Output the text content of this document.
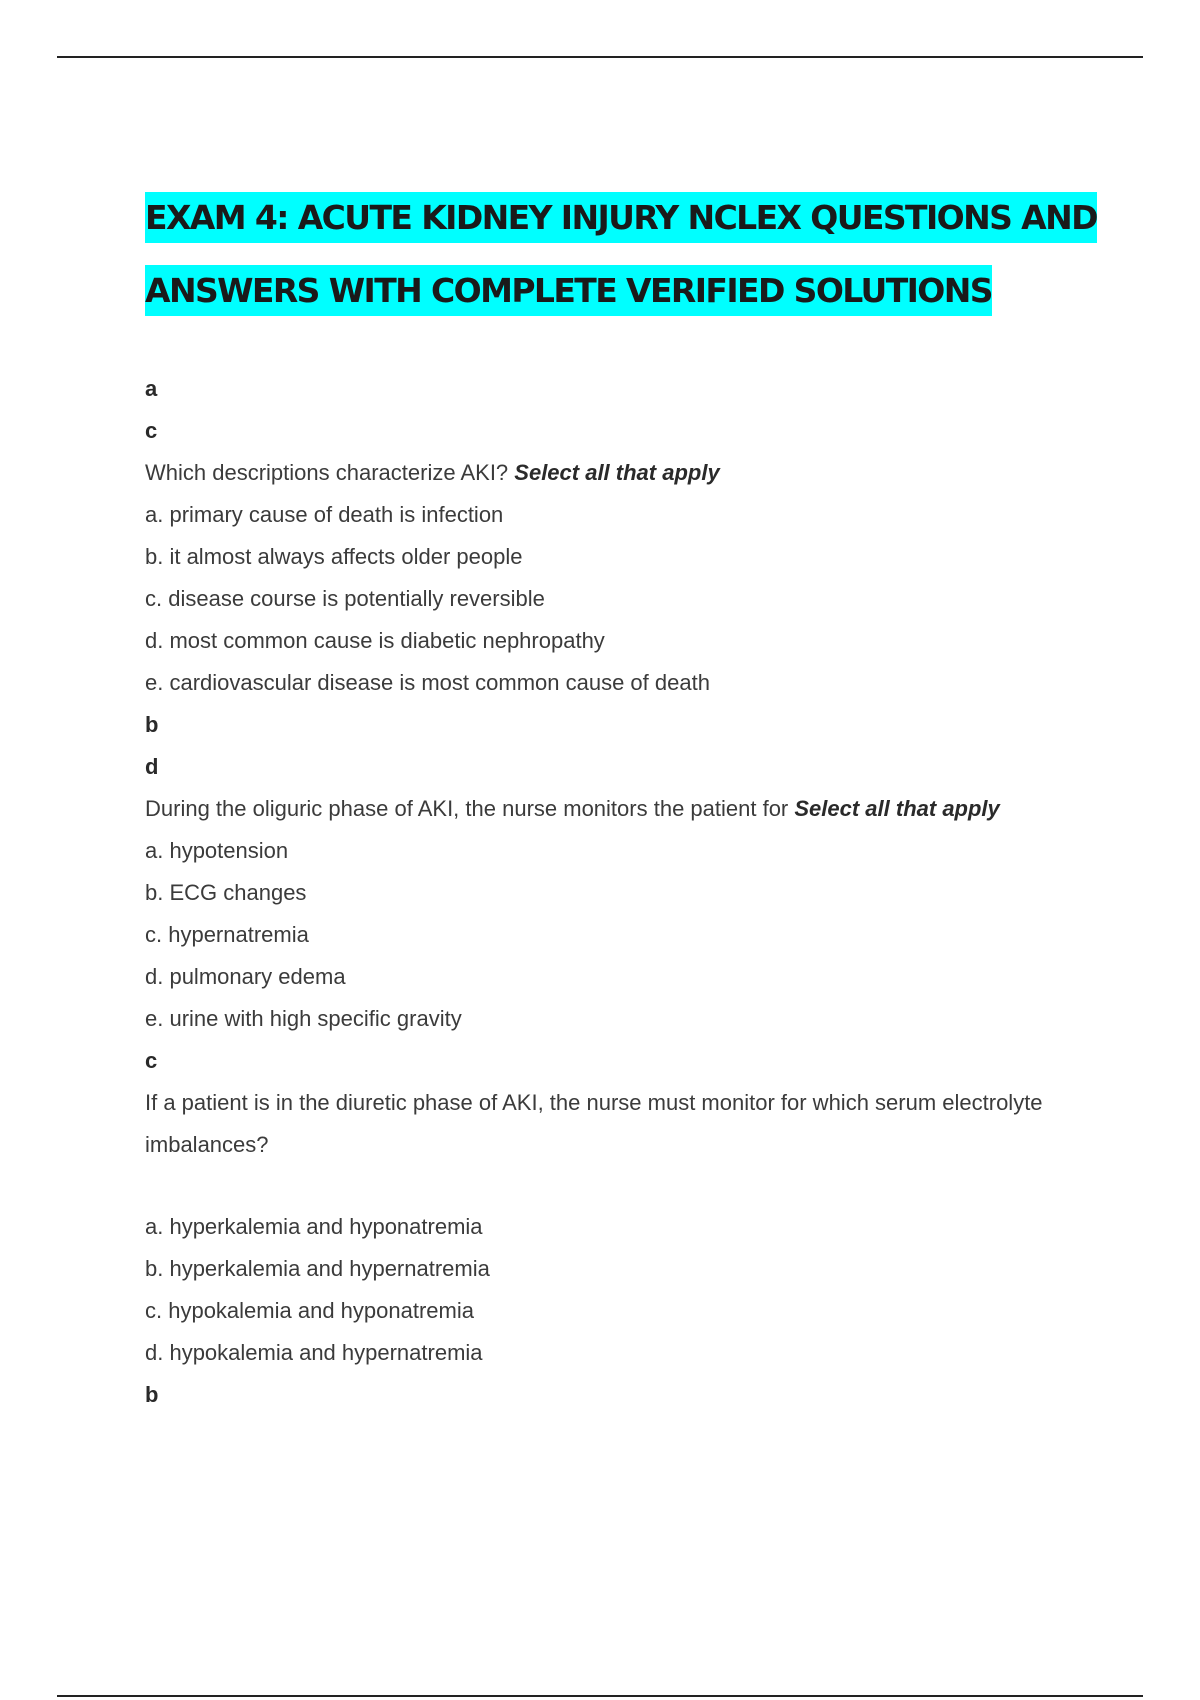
EXAM 4: ACUTE KIDNEY INJURY NCLEX QUESTIONS AND
ANSWERS WITH COMPLETE VERIFIED SOLUTIONS
a
c
Which descriptions characterize AKI? Select all that apply
a. primary cause of death is infection
b. it almost always affects older people
c. disease course is potentially reversible
d. most common cause is diabetic nephropathy
e. cardiovascular disease is most common cause of death
b
d
During the oliguric phase of AKI, the nurse monitors the patient for Select all that apply
a. hypotension
b. ECG changes
c. hypernatremia
d. pulmonary edema
e. urine with high specific gravity
c
If a patient is in the diuretic phase of AKI, the nurse must monitor for which serum electrolyte imbalances?
a. hyperkalemia and hyponatremia
b. hyperkalemia and hypernatremia
c. hypokalemia and hyponatremia
d. hypokalemia and hypernatremia
b
